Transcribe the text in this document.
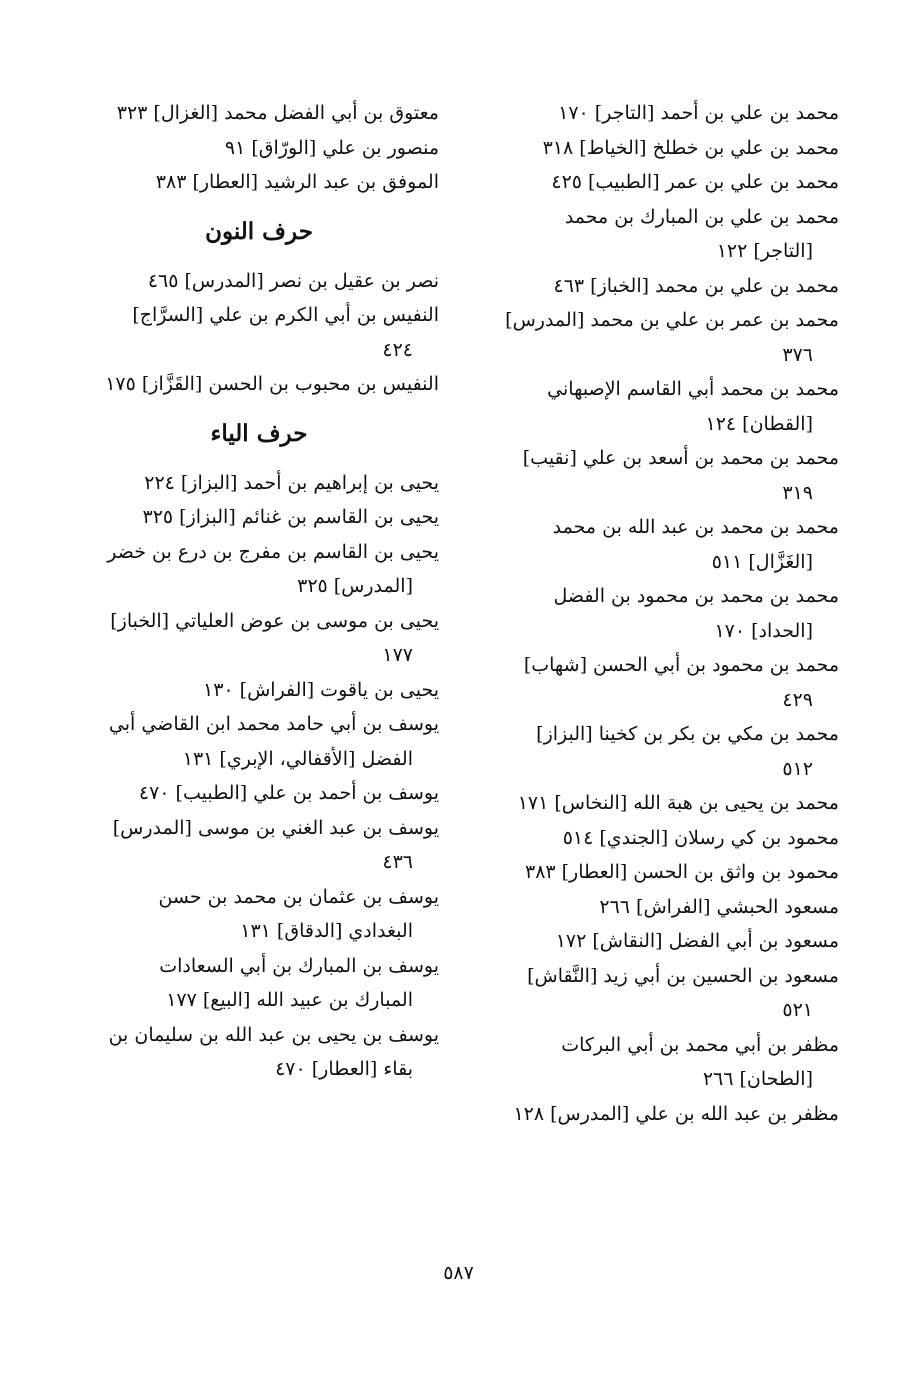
محمد بن علي بن أحمد [التاجر] ١٧٠
محمد بن علي بن خطلخ [الخياط] ٣١٨
محمد بن علي بن عمر [الطبيب] ٤٢٥
محمد بن علي بن المبارك بن محمد
[التاجر] ١٢٢
محمد بن علي بن محمد [الخباز] ٤٦٣
محمد بن عمر بن علي بن محمد [المدرس]
٣٧٦
محمد بن محمد أبي القاسم الإصبهاني
[القطان] ١٢٤
محمد بن محمد بن أسعد بن علي [نقيب]
٣١٩
محمد بن محمد بن عبد الله بن محمد
[الغَزَّال] ٥١١
محمد بن محمد بن محمود بن الفضل
[الحداد] ١٧٠
محمد بن محمود بن أبي الحسن [شهاب]
٤٢٩
محمد بن مكي بن بكر بن كخينا [البزاز]
٥١٢
محمد بن يحيى بن هبة الله [النخاس] ١٧١
محمود بن كي رسلان [الجندي] ٥١٤
محمود بن واثق بن الحسن [العطار] ٣٨٣
مسعود الحبشي [الفراش] ٢٦٦
مسعود بن أبي الفضل [النقاش] ١٧٢
مسعود بن الحسين بن أبي زيد [النَّقاش]
٥٢١
مظفر بن أبي محمد بن أبي البركات
[الطحان] ٢٦٦
مظفر بن عبد الله بن علي [المدرس] ١٢٨
معتوق بن أبي الفضل محمد [الغزال] ٣٢٣
منصور بن علي [الورّاق] ٩١
الموفق بن عبد الرشيد [العطار] ٣٨٣
حرف النون
نصر بن عقيل بن نصر [المدرس] ٤٦٥
النفيس بن أبي الكرم بن علي [السرَّاج]
٤٢٤
النفيس بن محبوب بن الحسن [القَزَّاز] ١٧٥
حرف الياء
يحيى بن إبراهيم بن أحمد [البزاز] ٢٢٤
يحيى بن القاسم بن غنائم [البزاز] ٣٢٥
يحيى بن القاسم بن مفرج بن درع بن خضر
[المدرس] ٣٢٥
يحيى بن موسى بن عوض العلياتي [الخباز]
١٧٧
يحيى بن ياقوت [الفراش] ١٣٠
يوسف بن أبي حامد محمد ابن القاضي أبي
الفضل [الأقفالي، الإبري] ١٣١
يوسف بن أحمد بن علي [الطبيب] ٤٧٠
يوسف بن عبد الغني بن موسى [المدرس]
٤٣٦
يوسف بن عثمان بن محمد بن حسن
البغدادي [الدقاق] ١٣١
يوسف بن المبارك بن أبي السعادات
المبارك بن عبيد الله [البيع] ١٧٧
يوسف بن يحيى بن عبد الله بن سليمان بن
بقاء [العطار] ٤٧٠
٥٨٧
